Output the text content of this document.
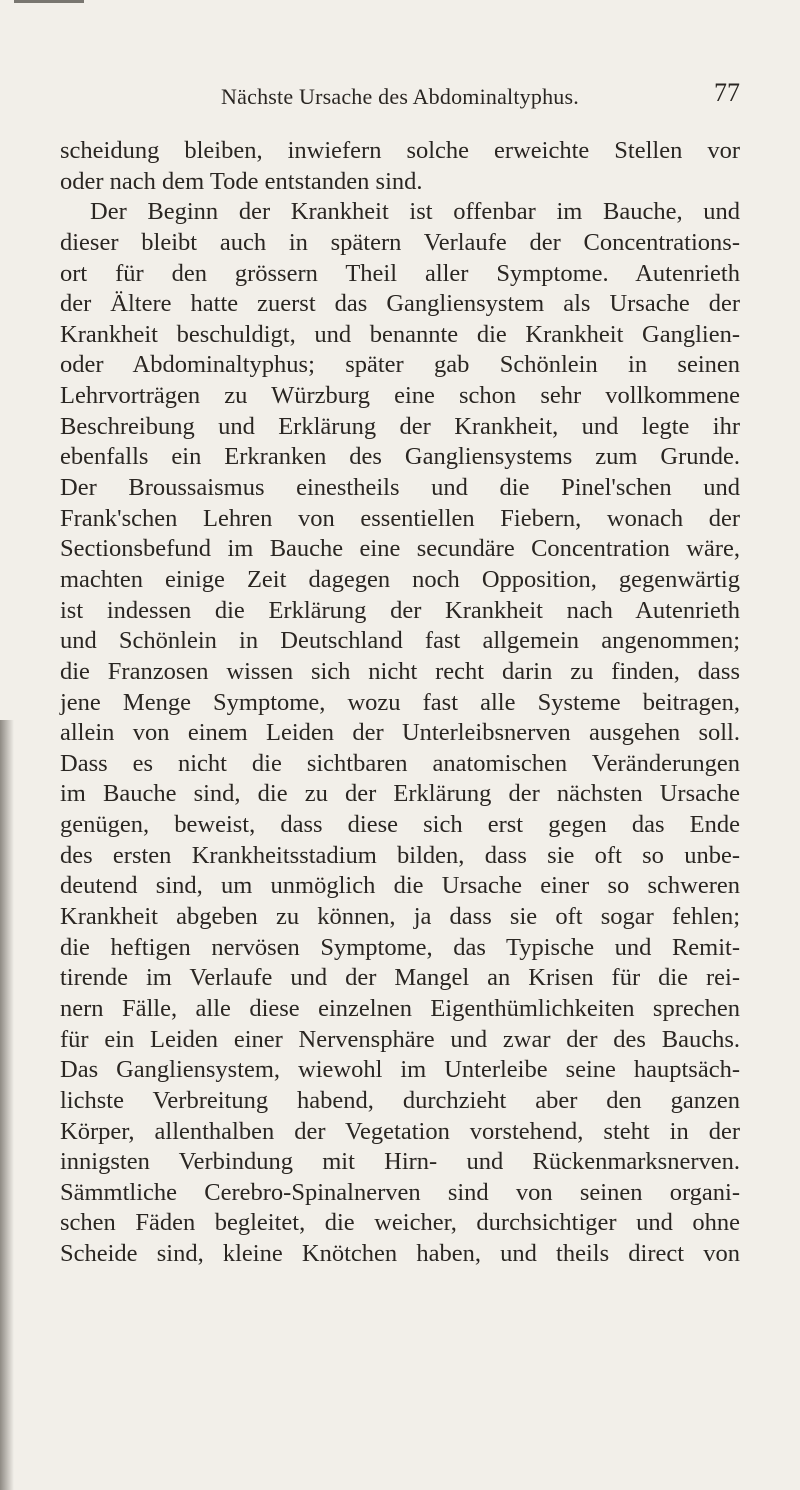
Nächste Ursache des Abdominaltyphus.	77
scheidung bleiben, inwiefern solche erweichte Stellen vor
oder nach dem Tode entstanden sind.
Der Beginn der Krankheit ist offenbar im Bauche, und
dieser bleibt auch in spätern Verlaufe der Concentrations-
ort für den grössern Theil aller Symptome. Autenrieth
der Ältere hatte zuerst das Gangliensystem als Ursache der
Krankheit beschuldigt, und benannte die Krankheit Ganglien-
oder Abdominaltyphus; später gab Schönlein in seinen
Lehrvorträgen zu Würzburg eine schon sehr vollkommene
Beschreibung und Erklärung der Krankheit, und legte ihr
ebenfalls ein Erkranken des Gangliensystems zum Grunde.
Der Broussaismus einestheils und die Pinel'schen und
Frank'schen Lehren von essentiellen Fiebern, wonach der
Sectionsbefund im Bauche eine secundäre Concentration wäre,
machten einige Zeit dagegen noch Opposition, gegenwärtig
ist indessen die Erklärung der Krankheit nach Autenrieth
und Schönlein in Deutschland fast allgemein angenommen;
die Franzosen wissen sich nicht recht darin zu finden, dass
jene Menge Symptome, wozu fast alle Systeme beitragen,
allein von einem Leiden der Unterleibsnerven ausgehen soll.
Dass es nicht die sichtbaren anatomischen Veränderungen
im Bauche sind, die zu der Erklärung der nächsten Ursache
genügen, beweist, dass diese sich erst gegen das Ende
des ersten Krankheitsstadium bilden, dass sie oft so unbe-
deutend sind, um unmöglich die Ursache einer so schweren
Krankheit abgeben zu können, ja dass sie oft sogar fehlen;
die heftigen nervösen Symptome, das Typische und Remit-
tirende im Verlaufe und der Mangel an Krisen für die rei-
nern Fälle, alle diese einzelnen Eigenthümlichkeiten sprechen
für ein Leiden einer Nervensphäre und zwar der des Bauchs.
Das Gangliensystem, wiewohl im Unterleibe seine hauptsäch-
lichste Verbreitung habend, durchzieht aber den ganzen
Körper, allenthalben der Vegetation vorstehend, steht in der
innigsten Verbindung mit Hirn- und Rückenmarksnerven.
Sämmtliche Cerebro-Spinalnerven sind von seinen organi-
schen Fäden begleitet, die weicher, durchsichtiger und ohne
Scheide sind, kleine Knötchen haben, und theils direct von
